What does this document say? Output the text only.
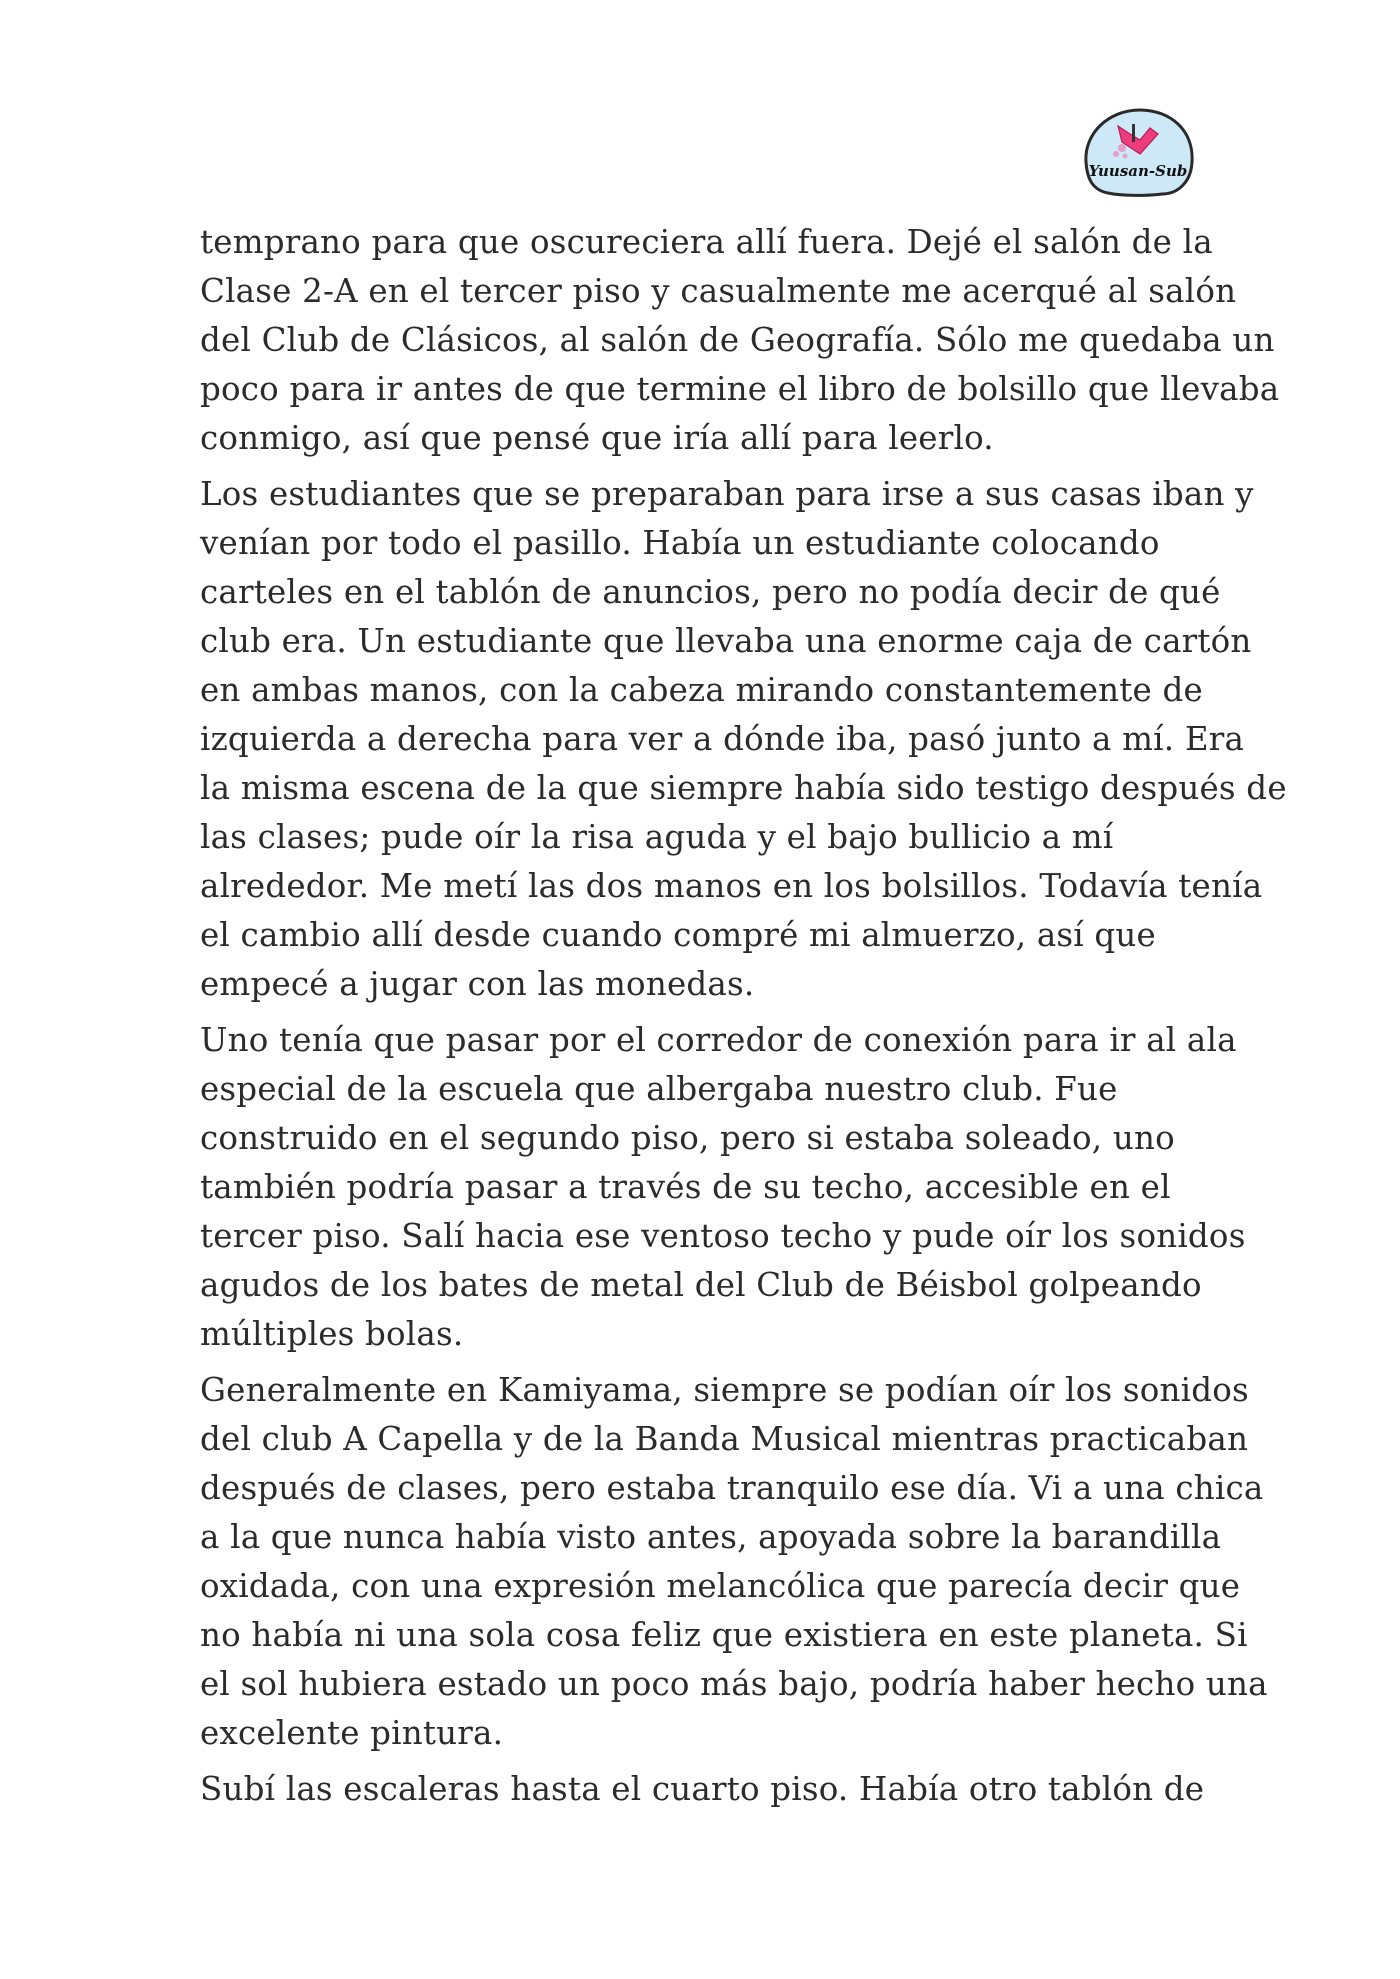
Yuusan-Sub
temprano para que oscureciera allí fuera. Dejé el salón de la
Clase 2-A en el tercer piso y casualmente me acerqué al salón
del Club de Clásicos, al salón de Geografía. Sólo me quedaba un
poco para ir antes de que termine el libro de bolsillo que llevaba
conmigo, así que pensé que iría allí para leerlo.
Los estudiantes que se preparaban para irse a sus casas iban y
venían por todo el pasillo. Había un estudiante colocando
carteles en el tablón de anuncios, pero no podía decir de qué
club era. Un estudiante que llevaba una enorme caja de cartón
en ambas manos, con la cabeza mirando constantemente de
izquierda a derecha para ver a dónde iba, pasó junto a mí. Era
la misma escena de la que siempre había sido testigo después de
las clases; pude oír la risa aguda y el bajo bullicio a mí
alrededor. Me metí las dos manos en los bolsillos. Todavía tenía
el cambio allí desde cuando compré mi almuerzo, así que
empecé a jugar con las monedas.
Uno tenía que pasar por el corredor de conexión para ir al ala
especial de la escuela que albergaba nuestro club. Fue
construido en el segundo piso, pero si estaba soleado, uno
también podría pasar a través de su techo, accesible en el
tercer piso. Salí hacia ese ventoso techo y pude oír los sonidos
agudos de los bates de metal del Club de Béisbol golpeando
múltiples bolas.
Generalmente en Kamiyama, siempre se podían oír los sonidos
del club A Capella y de la Banda Musical mientras practicaban
después de clases, pero estaba tranquilo ese día. Vi a una chica
a la que nunca había visto antes, apoyada sobre la barandilla
oxidada, con una expresión melancólica que parecía decir que
no había ni una sola cosa feliz que existiera en este planeta. Si
el sol hubiera estado un poco más bajo, podría haber hecho una
excelente pintura.
Subí las escaleras hasta el cuarto piso. Había otro tablón de
